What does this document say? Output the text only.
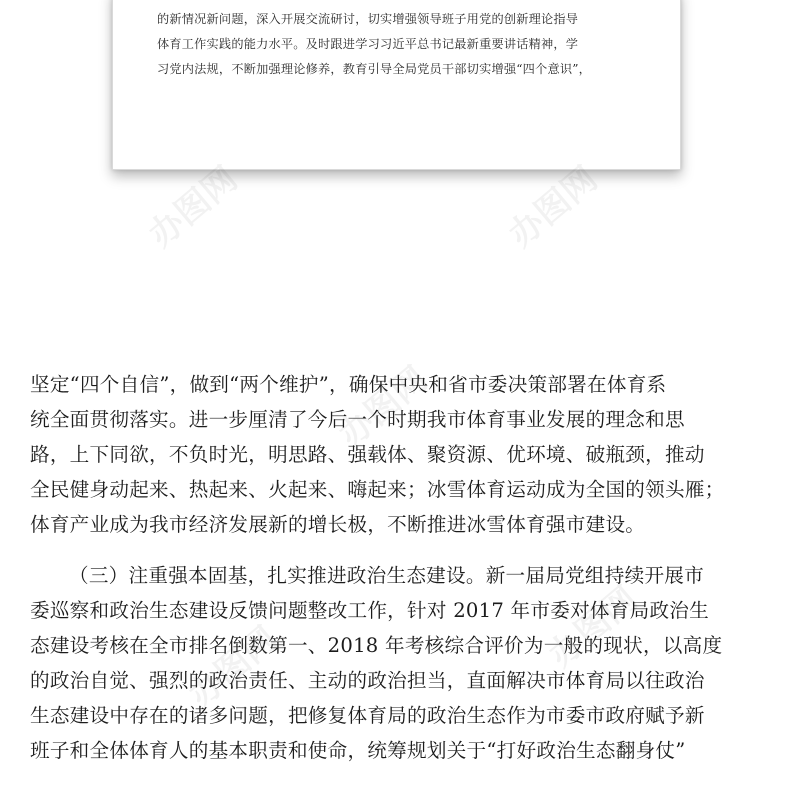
的新情况新问题，深入开展交流研讨，切实增强领导班子用党的创新理论指导

体育工作实践的能力水平。及时跟进学习习近平总书记最新重要讲话精神，学

习党内法规，不断加强理论修养，教育引导全局党员干部切实增强“四个意识”，

办图网	办图网
办图网
办图网
办图网

坚定“四个自信”，做到“两个维护”，确保中央和省市委决策部署在体育系

统全面贯彻落实。进一步厘清了今后一个时期我市体育事业发展的理念和思

路，上下同欲，不负时光，明思路、强载体、聚资源、优环境、破瓶颈，推动

全民健身动起来、热起来、火起来、嗨起来；冰雪体育运动成为全国的领头雁；

体育产业成为我市经济发展新的增长极，不断推进冰雪体育强市建设。

（三）注重强本固基，扎实推进政治生态建设。新一届局党组持续开展市

委巡察和政治生态建设反馈问题整改工作，针对 2017 年市委对体育局政治生

态建设考核在全市排名倒数第一、2018 年考核综合评价为一般的现状，以高度

的政治自觉、强烈的政治责任、主动的政治担当，直面解决市体育局以往政治

生态建设中存在的诸多问题，把修复体育局的政治生态作为市委市政府赋予新

班子和全体体育人的基本职责和使命，统筹规划关于“打好政治生态翻身仗”
